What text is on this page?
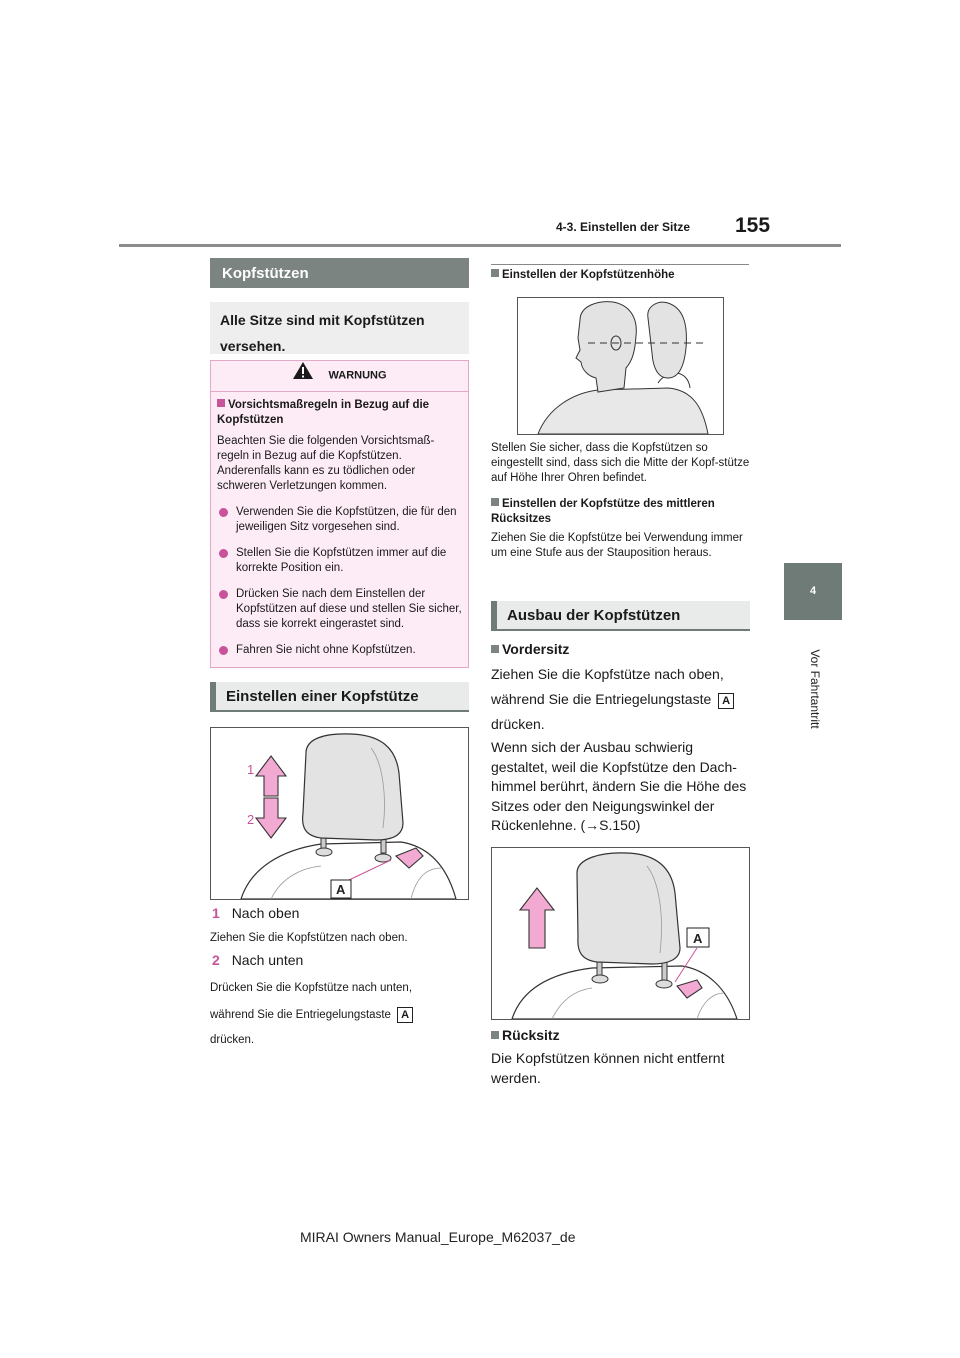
4-3. Einstellen der Sitze 155
4
Vor Fahrtantritt
Kopfstützen
Alle Sitze sind mit Kopfstützen versehen.
WARNUNG
Vorsichtsmaßregeln in Bezug auf die Kopfstützen
Beachten Sie die folgenden Vorsichtsmaß-regeln in Bezug auf die Kopfstützen. Anderenfalls kann es zu tödlichen oder schweren Verletzungen kommen.
Verwenden Sie die Kopfstützen, die für den jeweiligen Sitz vorgesehen sind.
Stellen Sie die Kopfstützen immer auf die korrekte Position ein.
Drücken Sie nach dem Einstellen der Kopfstützen auf diese und stellen Sie sicher, dass sie korrekt eingerastet sind.
Fahren Sie nicht ohne Kopfstützen.
Einstellen einer Kopfstütze
1
2
A
1 Nach oben
Ziehen Sie die Kopfstützen nach oben.
2 Nach unten
Drücken Sie die Kopfstütze nach unten,
während Sie die Entriegelungstaste A
drücken.
Einstellen der Kopfstützenhöhe
Stellen Sie sicher, dass die Kopfstützen so eingestellt sind, dass sich die Mitte der Kopf-stütze auf Höhe Ihrer Ohren befindet.
Einstellen der Kopfstütze des mittleren Rücksitzes
Ziehen Sie die Kopfstütze bei Verwendung immer um eine Stufe aus der Stauposition heraus.
Ausbau der Kopfstützen
Vordersitz
Ziehen Sie die Kopfstütze nach oben,
während Sie die Entriegelungstaste A
drücken.
Wenn sich der Ausbau schwierig gestaltet, weil die Kopfstütze den Dach-himmel berührt, ändern Sie die Höhe des Sitzes oder den Neigungswinkel der Rückenlehne. (→S.150)
A
Rücksitz
Die Kopfstützen können nicht entfernt werden.
MIRAI Owners Manual_Europe_M62037_de
